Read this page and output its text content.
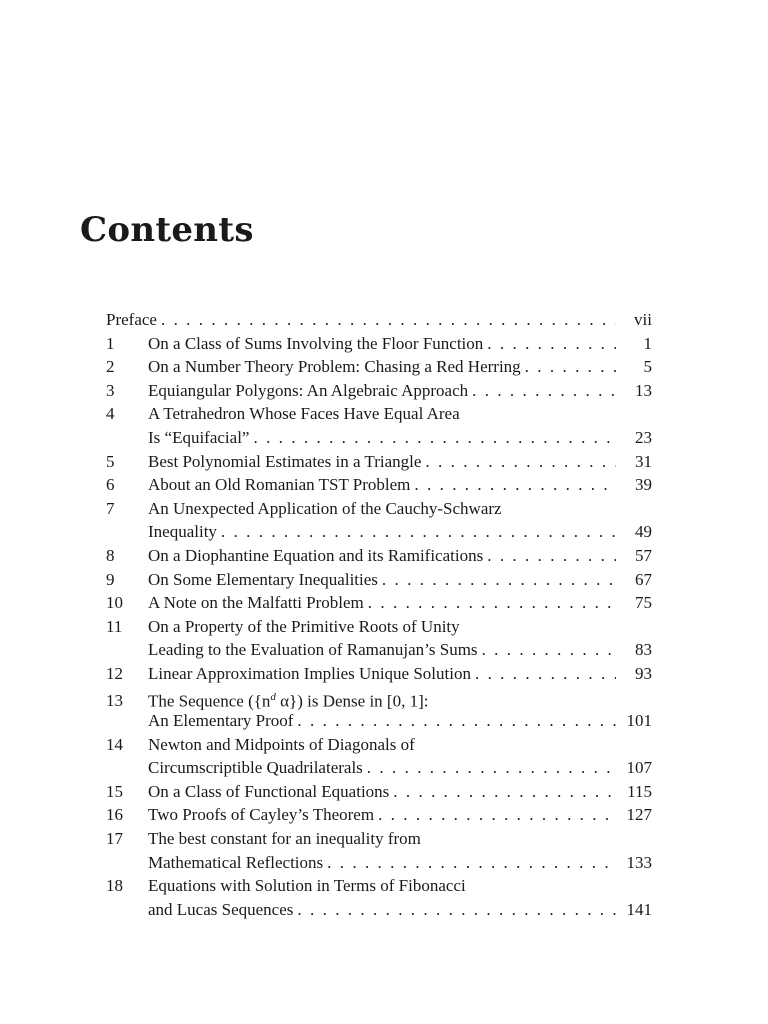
Contents
Preface . . .	vii
1	On a Class of Sums Involving the Floor Function . . .	1
2	On a Number Theory Problem: Chasing a Red Herring . . .	5
3	Equiangular Polygons: An Algebraic Approach . . .	13
4	A Tetrahedron Whose Faces Have Equal Area
Is “Equifacial” . . .	23
5	Best Polynomial Estimates in a Triangle . . .	31
6	About an Old Romanian TST Problem . . .	39
7	An Unexpected Application of the Cauchy-Schwarz
Inequality . . .	49
8	On a Diophantine Equation and its Ramifications . . .	57
9	On Some Elementary Inequalities . . .	67
10	A Note on the Malfatti Problem . . .	75
11	On a Property of the Primitive Roots of Unity
Leading to the Evaluation of Ramanujan’s Sums . . .	83
12	Linear Approximation Implies Unique Solution . . .	93
13	The Sequence ({$n^d$ α}) is Dense in [0, 1]:
An Elementary Proof . . .	101
14	Newton and Midpoints of Diagonals of
Circumscriptible Quadrilaterals . . .	107
15	On a Class of Functional Equations . . .	115
16	Two Proofs of Cayley’s Theorem . . .	127
17	The best constant for an inequality from
Mathematical Reflections . . .	133
18	Equations with Solution in Terms of Fibonacci
and Lucas Sequences . . .	141
